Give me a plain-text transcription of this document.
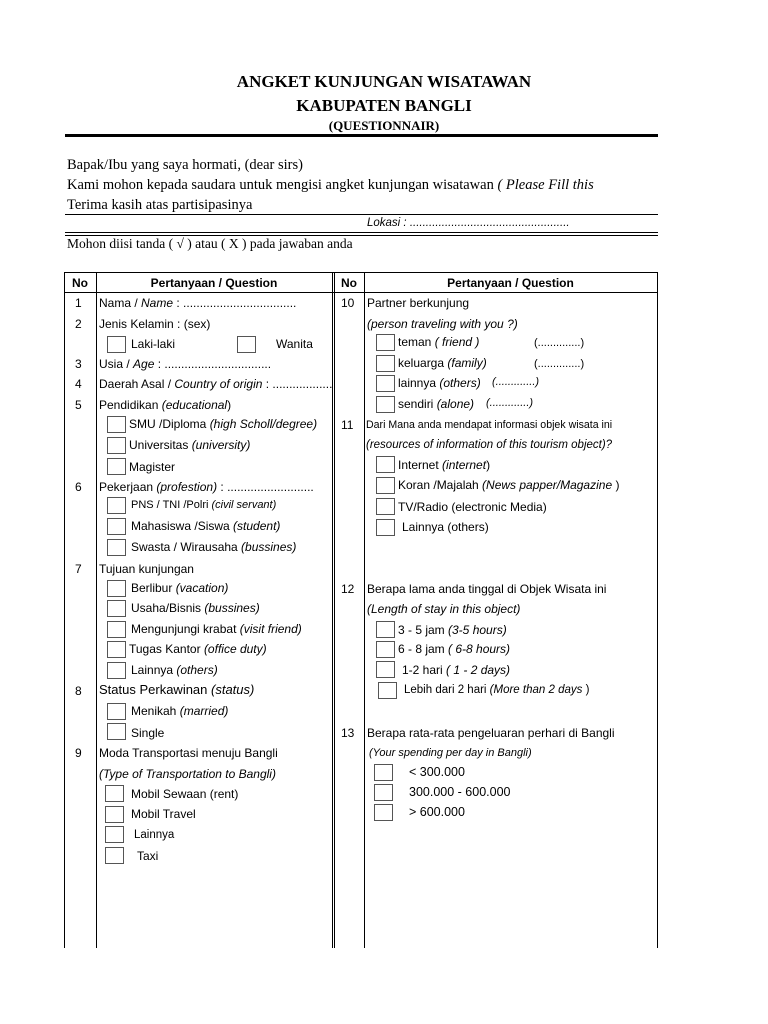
ANGKET KUNJUNGAN WISATAWAN
KABUPATEN BANGLI
(QUESTIONNAIR)
Bapak/Ibu yang saya hormati, (dear sirs)
Kami mohon kepada saudara untuk mengisi angket kunjungan wisatawan ( Please Fill this
Terima kasih atas partisipasinya
Lokasi : ..................................................
Mohon diisi tanda ( √ ) atau ( X ) pada jawaban anda
No	Pertanyaan / Question	No	Pertanyaan / Question
1 Nama / Name : ..................................
2 Jenis Kelamin : (sex)
Laki-laki	Wanita
3 Usia / Age : ................................
4 Daerah Asal / Country of origin : ..................
5 Pendidikan (educational)
SMU /Diploma (high Scholl/degree)
Universitas (university)
Magister
6 Pekerjaan (profestion) : ..........................
PNS / TNI /Polri (civil servant)
Mahasiswa /Siswa (student)
Swasta / Wirausaha (bussines)
7 Tujuan kunjungan
Berlibur (vacation)
Usaha/Bisnis (bussines)
Mengunjungi krabat (visit friend)
Tugas Kantor (office duty)
Lainnya (others)
8 Status Perkawinan (status)
Menikah (married)
Single
9 Moda Transportasi menuju Bangli
(Type of Transportation to Bangli)
Mobil Sewaan (rent)
Mobil Travel
Lainnya
Taxi
10 Partner berkunjung
(person traveling with you ?)
teman ( friend )	(..............)
keluarga (family)	(..............)
lainnya (others) (.............)
sendiri (alone) (.............)
11 Dari Mana anda mendapat informasi objek wisata ini
(resources of information of this tourism object)?
Internet (internet)
Koran /Majalah (News papper/Magazine )
TV/Radio (electronic Media)
Lainnya (others)
12 Berapa lama anda tinggal di Objek Wisata ini
(Length of stay in this object)
3 - 5 jam (3-5 hours)
6 - 8 jam ( 6-8 hours)
1-2 hari ( 1 - 2 days)
Lebih dari 2 hari (More than 2 days )
13 Berapa rata-rata pengeluaran perhari di Bangli
(Your spending per day in Bangli)
< 300.000
300.000 - 600.000
> 600.000
